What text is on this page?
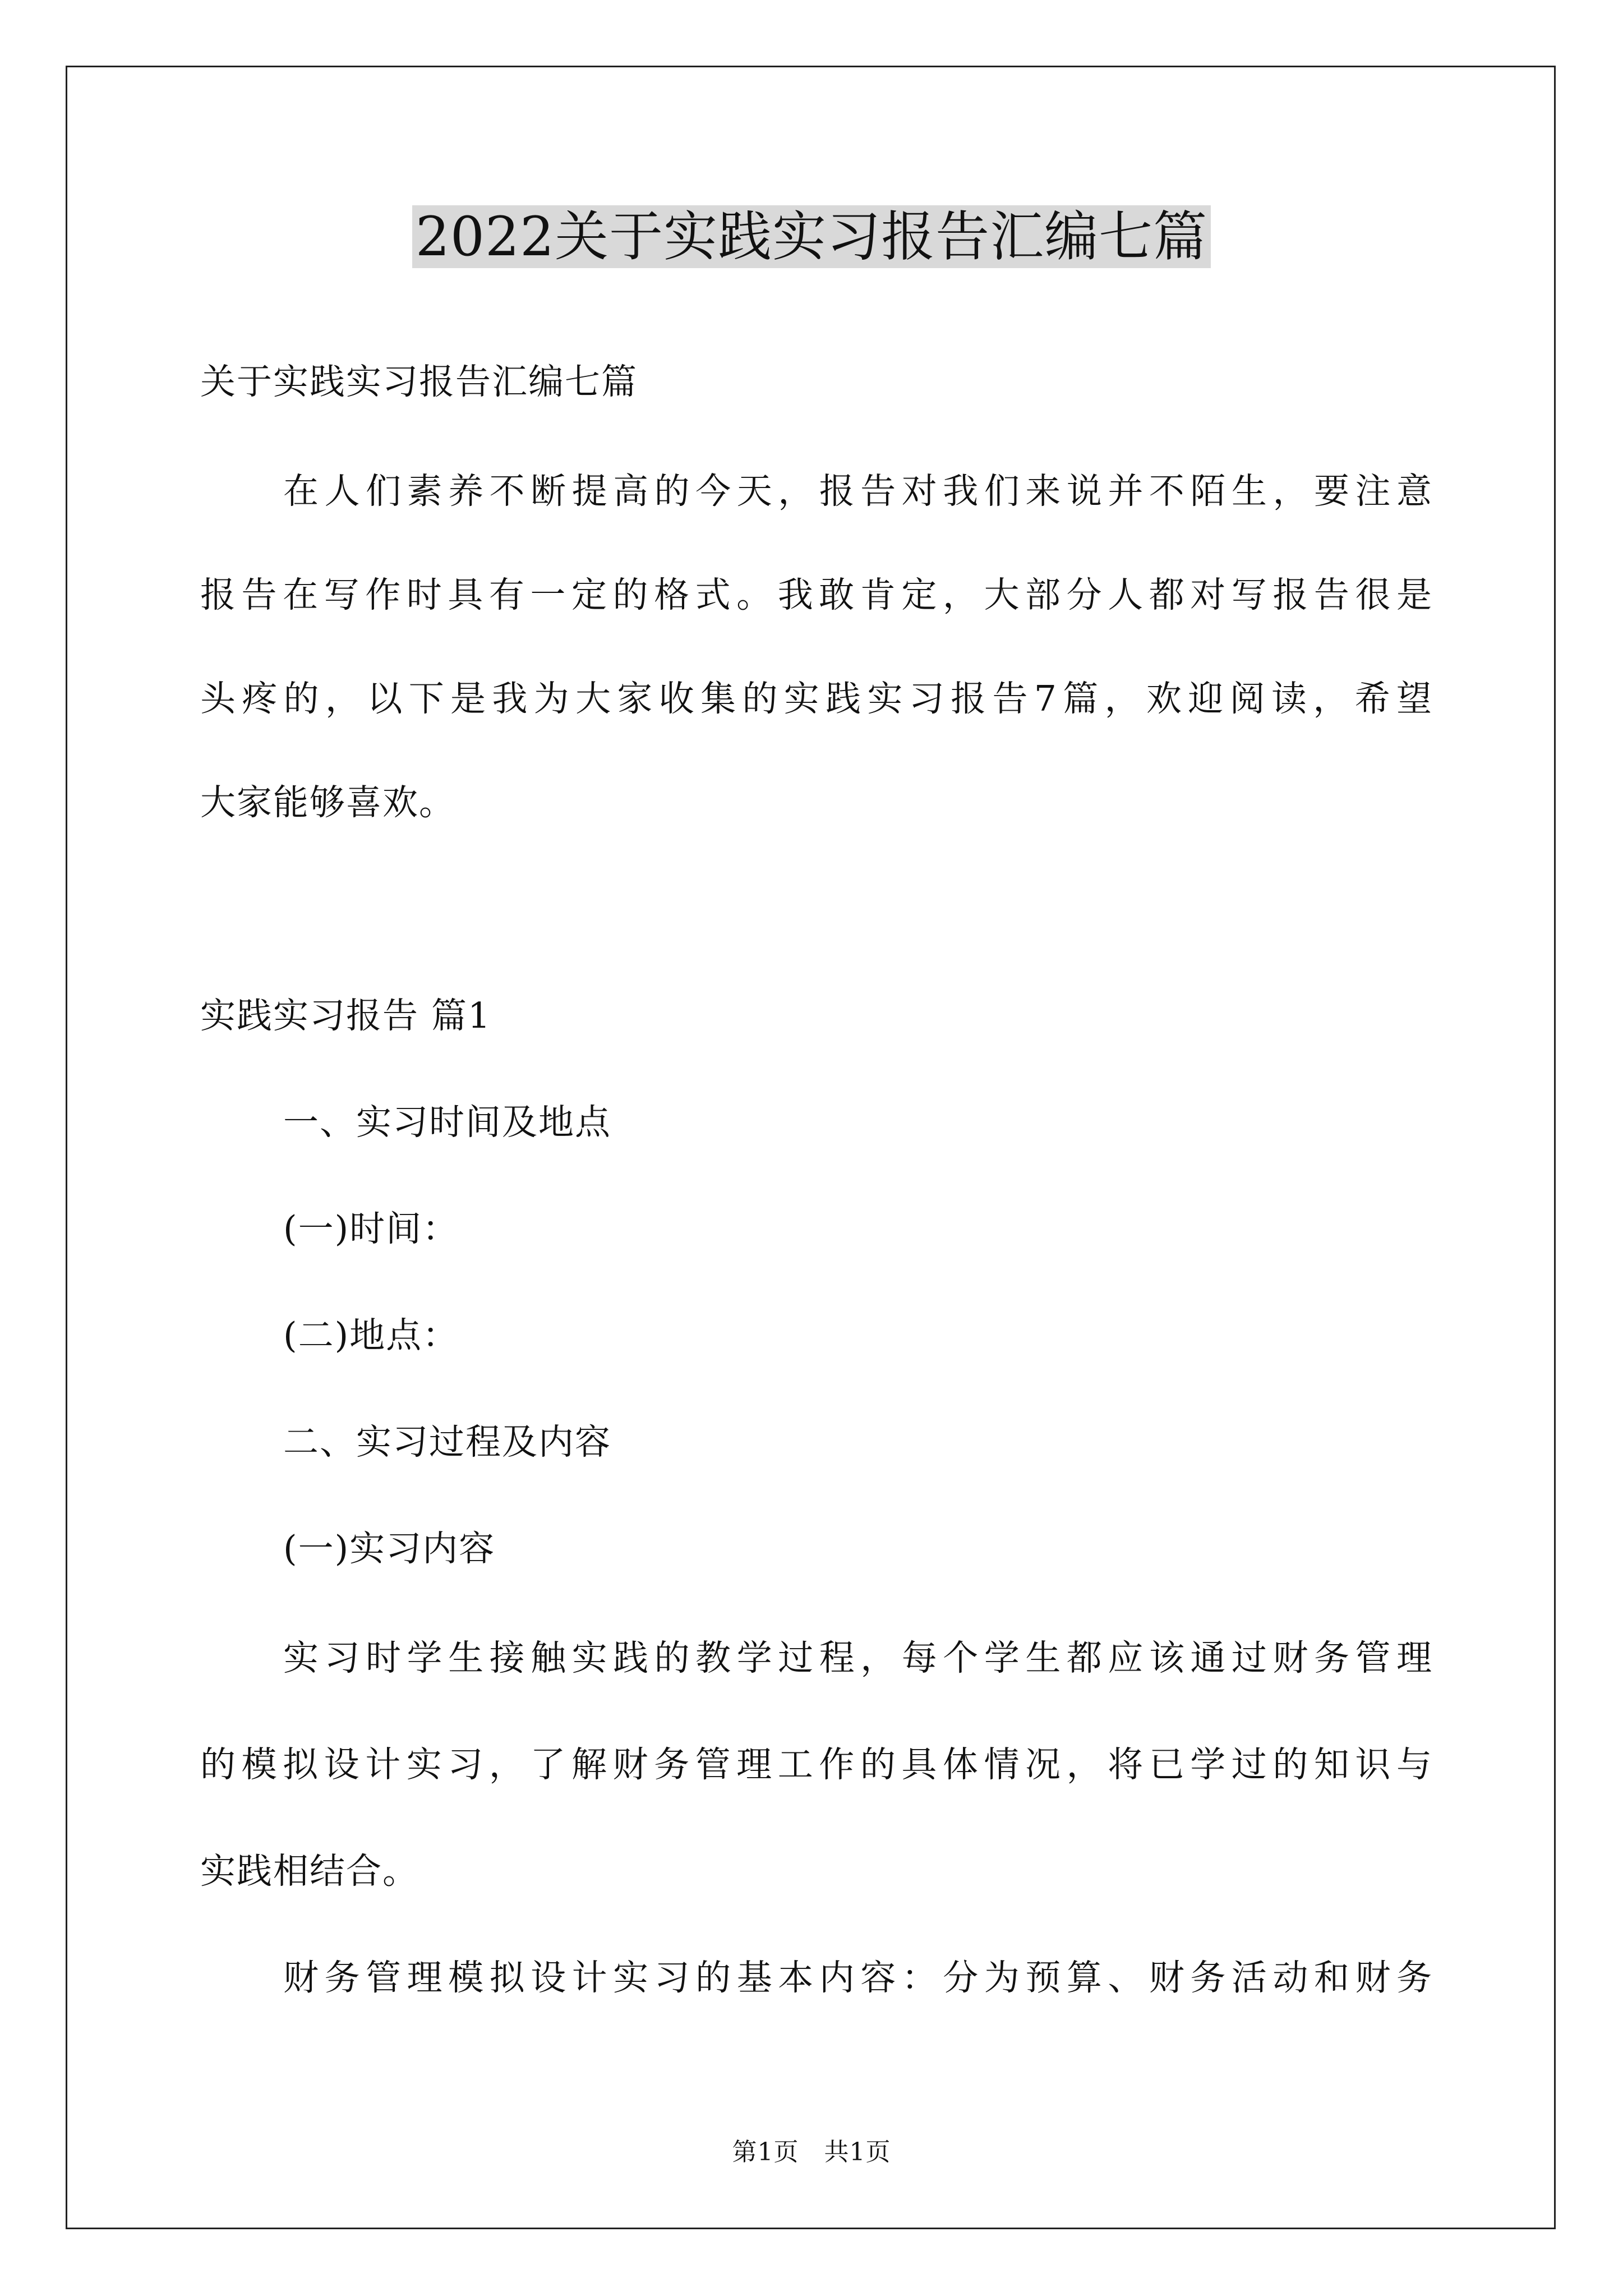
2022关于实践实习报告汇编七篇
关于实践实习报告汇编七篇
在人们素养不断提高的今天，报告对我们来说并不陌生，要注意
报告在写作时具有一定的格式。我敢肯定，大部分人都对写报告很是
头疼的，以下是我为大家收集的实践实习报告7篇，欢迎阅读，希望
大家能够喜欢。
实践实习报告 篇1
一、实习时间及地点
(一)时间：
(二)地点：
二、实习过程及内容
(一)实习内容
实习时学生接触实践的教学过程，每个学生都应该通过财务管理
的模拟设计实习，了解财务管理工作的具体情况，将已学过的知识与
实践相结合。
财务管理模拟设计实习的基本内容：分为预算、财务活动和财务
第1页　共1页
